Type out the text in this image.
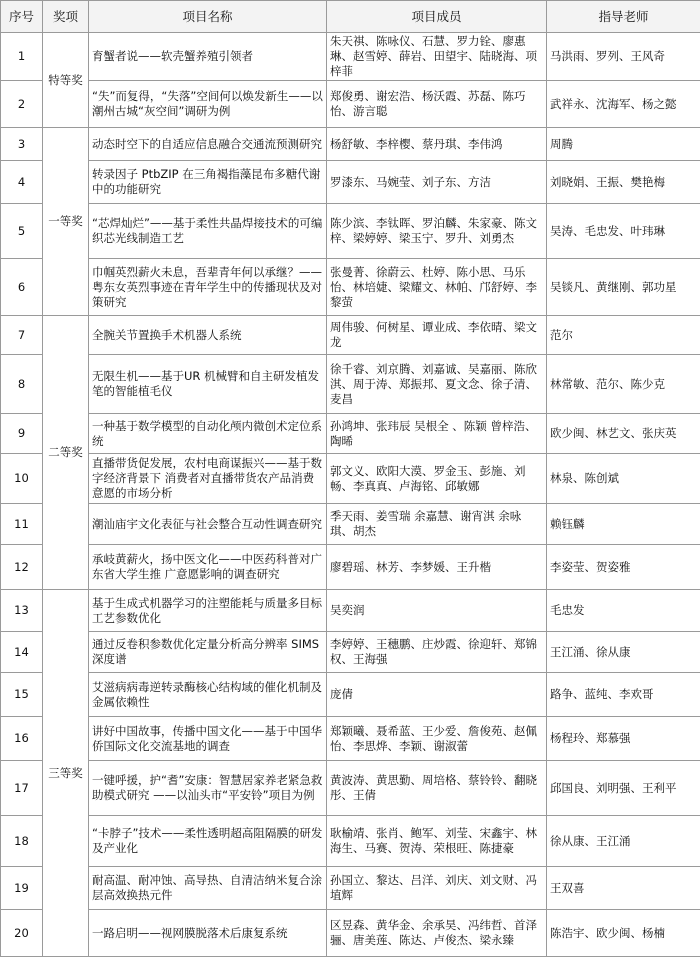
序号	奖项	项目名称	项目成员	指导老师
1	特等奖	育蟹者说——软壳蟹养殖引领者	朱天祺、陈咏仪、石慧、罗力铨、廖惠琳、赵雪婷、薛岩、田望宇、陆晓海、项梓菲	马洪雨、罗列、王风奇
2		“失”而复得，“失落”空间何以焕发新生——以潮州古城“灰空间”调研为例	郑俊勇、谢宏浩、杨沃霞、苏磊、陈巧怡、游言聪	武祥永、沈海军、杨之懿
3	一等奖	动态时空下的自适应信息融合交通流预测研究	杨舒敏、李梓樱、蔡丹琪、李伟鸿	周腾
4		转录因子 PtbZIP 在三角褐指藻昆布多糖代谢中的功能研究	罗漆东、马婉莹、刘子东、方洁	刘晓娟、王振、樊艳梅
5		“芯焊灿烂”——基于柔性共晶焊接技术的可编织芯光线制造工艺	陈少滨、李钛晖、罗泊麟、朱家豪、陈文梓、梁婷婷、梁玉宁、罗升、刘勇杰	吴涛、毛忠发、叶玮琳
6		巾帼英烈薪火未息，吾辈青年何以承继？——粤东女英烈事迹在青年学生中的传播现状及对策研究	张曼菁、徐蔚云、杜婷、陈小思、马乐怡、林培婕、梁耀文、林帕、邝舒婷、李黎萤	吴锬凡、黄继刚、郭功星
7	二等奖	全腕关节置换手术机器人系统	周伟骏、何树星、谭业成、李依晴、梁文龙	范尔
8		无限生机——基于UR 机械臂和自主研发植发笔的智能植毛仪	徐千睿、刘京腾、刘嘉诚、吴嘉丽、陈欣淇、周于涛、郑振邦、夏文念、徐子清、麦昌	林常敏、范尔、陈少克
9		一种基于数学模型的自动化颅内微创术定位系统	孙鸿坤、张玮辰 吴根全 、陈颖 曾梓浩、陶晞	欧少闽、林艺文、张庆英
10		直播带货促发展，农村电商谋振兴——基于数字经济背景下 消费者对直播带货农产品消费意愿的市场分析	郭文义、欧阳大漠、罗金玉、彭施、刘畅、李真真、卢海铭、邱敏娜	林泉、陈创斌
11		潮汕庙宇文化表征与社会整合互动性调查研究	季天雨、姜雪瑞 余嘉慧、谢宵淇 余咏琪、胡杰	赖钰麟
12		承岐黄薪火，扬中医文化——中医药科普对广东省大学生推 广意愿影响的调查研究	廖碧瑶、林芳、李梦媛、王升楷	李姿莹、贺姿雅
13	三等奖	基于生成式机器学习的注塑能耗与质量多目标工艺参数优化	吴奕润	毛忠发
14		通过反卷积参数优化定量分析高分辨率 SIMS 深度谱	李婷婷、王穗鹏、庄炒霞、徐迎轩、郑锦权、王海强	王江涌、徐从康
15		艾滋病病毒逆转录酶核心结构域的催化机制及金属依赖性	庞倩	路争、蓝纯、李欢哥
16		讲好中国故事，传播中国文化——基于中国华侨国际文化交流基地的调查	郑颖曦、聂希蓝、王少爱、詹俊苑、赵佩怡、李思烨、李颖、谢淑蕾	杨程玲、郑慕强
17		一键呼援，护“耆”安康：智慧居家养老紧急救助模式研究 ——以汕头市“平安铃”项目为例	黄波涛、黄思勤、周培格、蔡铃铃、翻晓彤、王倩	邱国良、刘明强、王利平
18		“卡脖子”技术——柔性透明超高阻隔膜的研发及产业化	耿榆靖、张肖、鲍军、刘莹、宋鑫宇、林海生、马赛、贺涛、荣根旺、陈捷豪	徐从康、王江涌
19		耐高温、耐冲蚀、高导热、自清洁纳米复合涂层高效换热元件	孙国立、黎达、吕洋、刘庆、刘文财、冯埴辉	王双喜
20		一路启明——视网膜脱落术后康复系统	区昱森、黄华金、余承昊、冯纬哲、首泽骊、唐美莲、陈达、卢俊杰、梁永臻	陈浩宇、欧少闽、杨楠
